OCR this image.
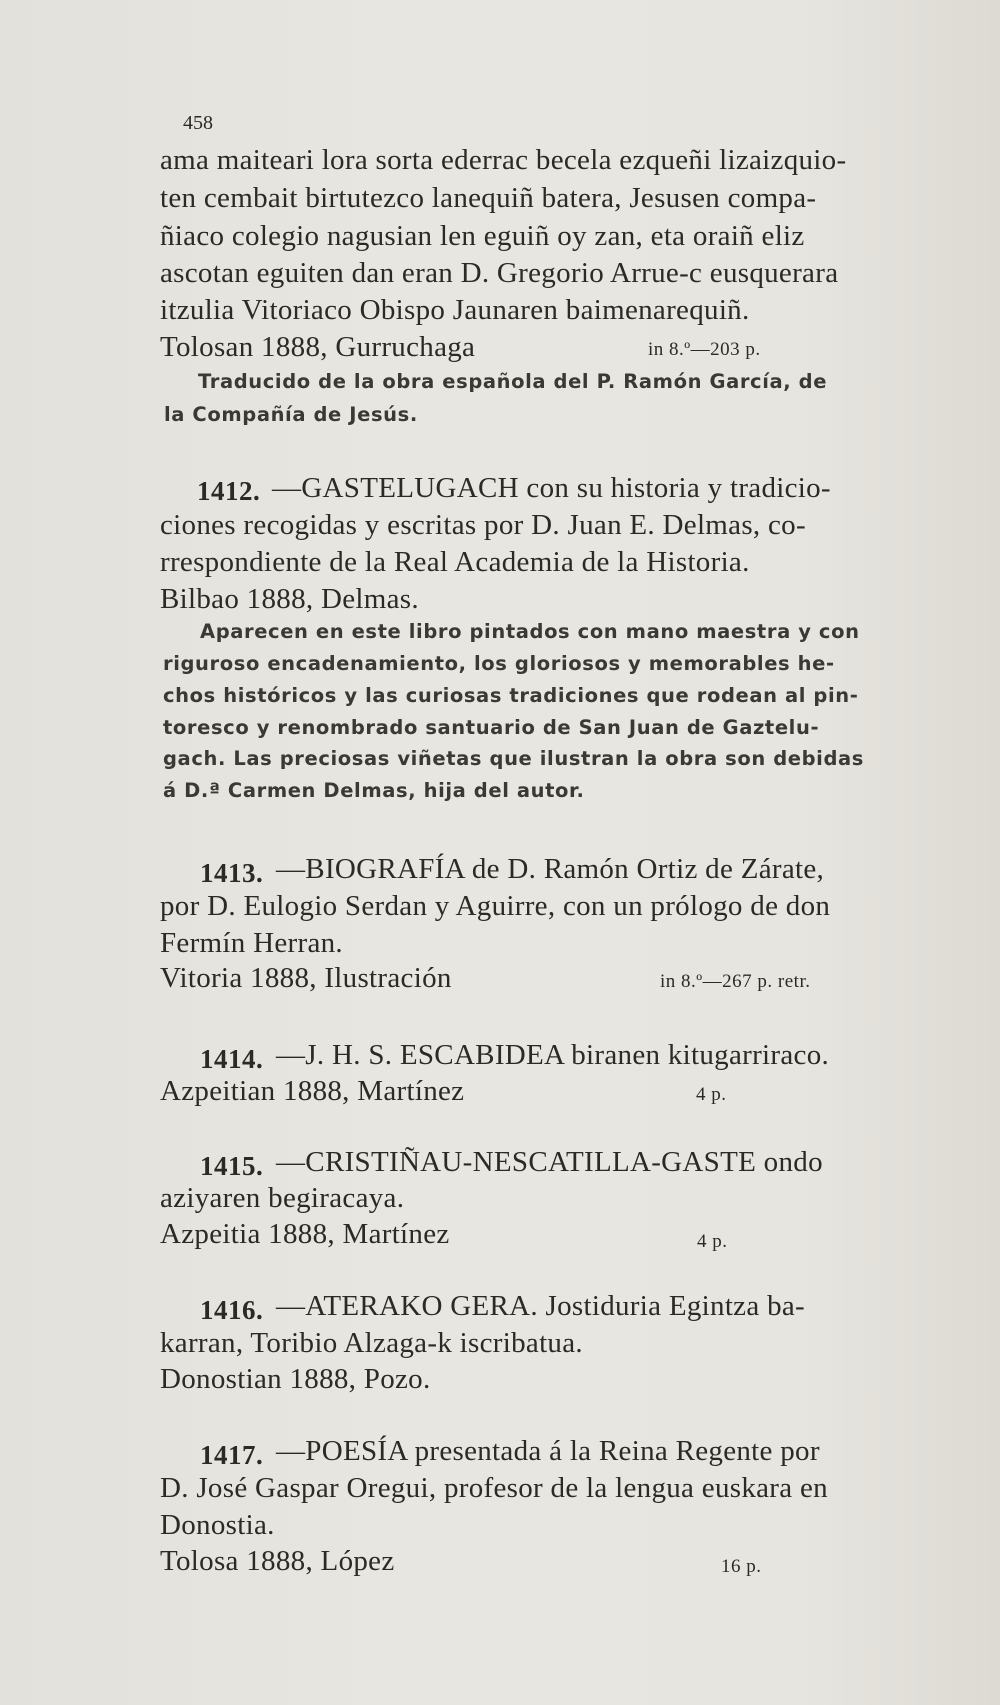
458
ama maiteari lora sorta ederrac becela ezqueñi lizaizquio-
ten cembait birtutezco lanequiñ batera, Jesusen compa-
ñiaco colegio nagusian len eguiñ oy zan, eta oraiñ eliz
ascotan eguiten dan eran D. Gregorio Arrue-c eusquerara
itzulia Vitoriaco Obispo Jaunaren baimenarequiñ.
Tolosan 1888, Gurruchaga	in 8.º—203 p.
Traducido de la obra española del P. Ramón García, de
la Compañía de Jesús.
1412. —GASTELUGACH con su historia y tradicio-
ciones recogidas y escritas por D. Juan E. Delmas, co-
rrespondiente de la Real Academia de la Historia.
Bilbao 1888, Delmas.
Aparecen en este libro pintados con mano maestra y con
riguroso encadenamiento, los gloriosos y memorables he-
chos históricos y las curiosas tradiciones que rodean al pin-
toresco y renombrado santuario de San Juan de Gaztelu-
gach. Las preciosas viñetas que ilustran la obra son debidas
á D.ª Carmen Delmas, hija del autor.
1413. —BIOGRAFÍA de D. Ramón Ortiz de Zárate,
por D. Eulogio Serdan y Aguirre, con un prólogo de don
Fermín Herran.
Vitoria 1888, Ilustración	in 8.º—267 p. retr.
1414. —J. H. S. ESCABIDEA biranen kitugarriraco.
Azpeitian 1888, Martínez	4 p.
1415. —CRISTIÑAU-NESCATILLA-GASTE ondo
aziyaren begiracaya.
Azpeitia 1888, Martínez	4 p.
1416. —ATERAKO GERA. Jostiduria Egintza ba-
karran, Toribio Alzaga-k iscribatua.
Donostian 1888, Pozo.
1417. —POESÍA presentada á la Reina Regente por
D. José Gaspar Oregui, profesor de la lengua euskara en
Donostia.
Tolosa 1888, López	16 p.
